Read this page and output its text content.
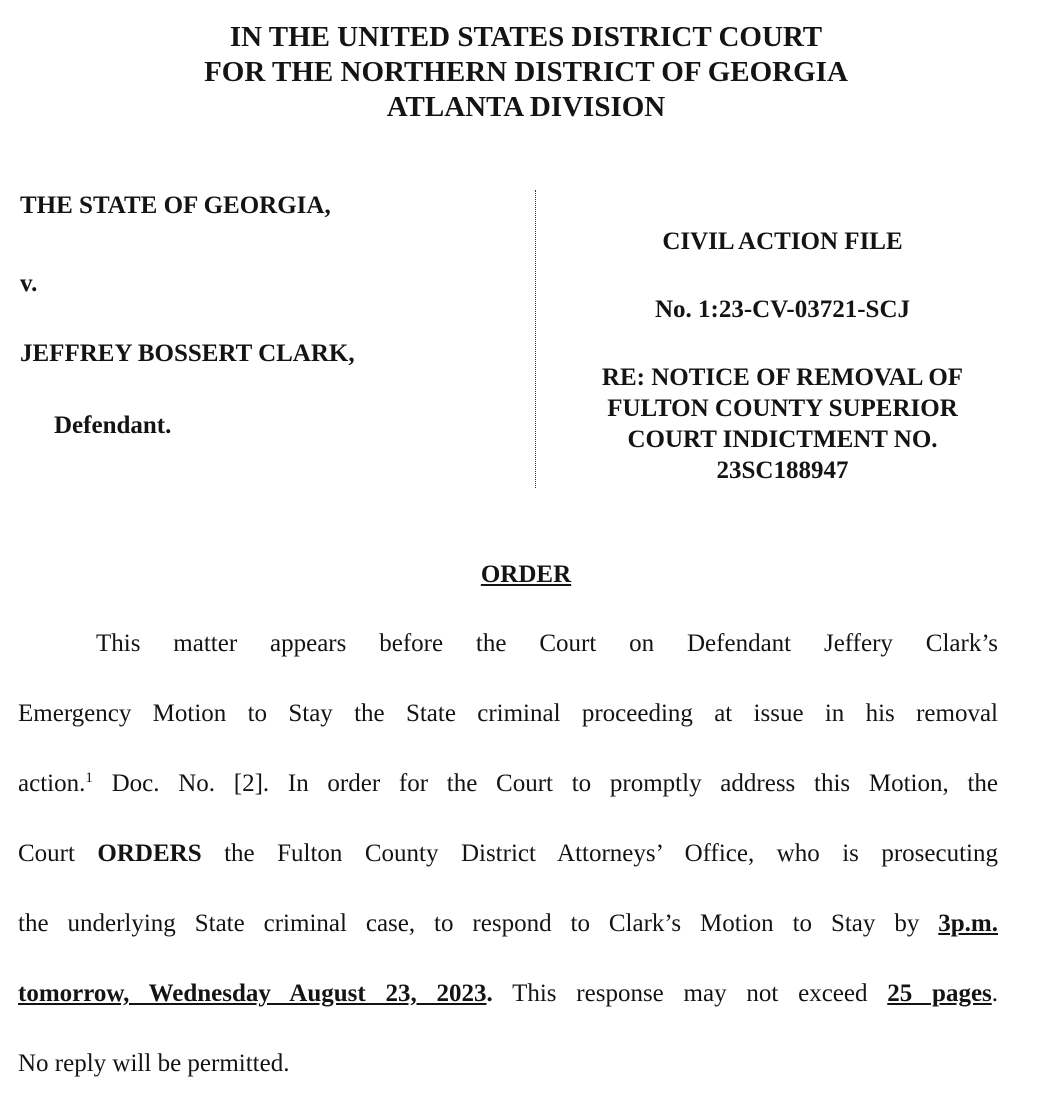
IN THE UNITED STATES DISTRICT COURT
FOR THE NORTHERN DISTRICT OF GEORGIA
ATLANTA DIVISION
THE STATE OF GEORGIA,
v.
JEFFREY BOSSERT CLARK,
Defendant.
CIVIL ACTION FILE
No. 1:23-CV-03721-SCJ
RE: NOTICE OF REMOVAL OF
FULTON COUNTY SUPERIOR
COURT INDICTMENT NO.
23SC188947
ORDER
This matter appears before the Court on Defendant Jeffery Clark’s
Emergency Motion to Stay the State criminal proceeding at issue in his removal
action.$^1$ Doc. No. [2]. In order for the Court to promptly address this Motion, the
Court ORDERS the Fulton County District Attorneys’ Office, who is prosecuting
the underlying State criminal case, to respond to Clark’s Motion to Stay by 3p.m.
tomorrow, Wednesday August 23, 2023. This response may not exceed 25 pages.
No reply will be permitted.
